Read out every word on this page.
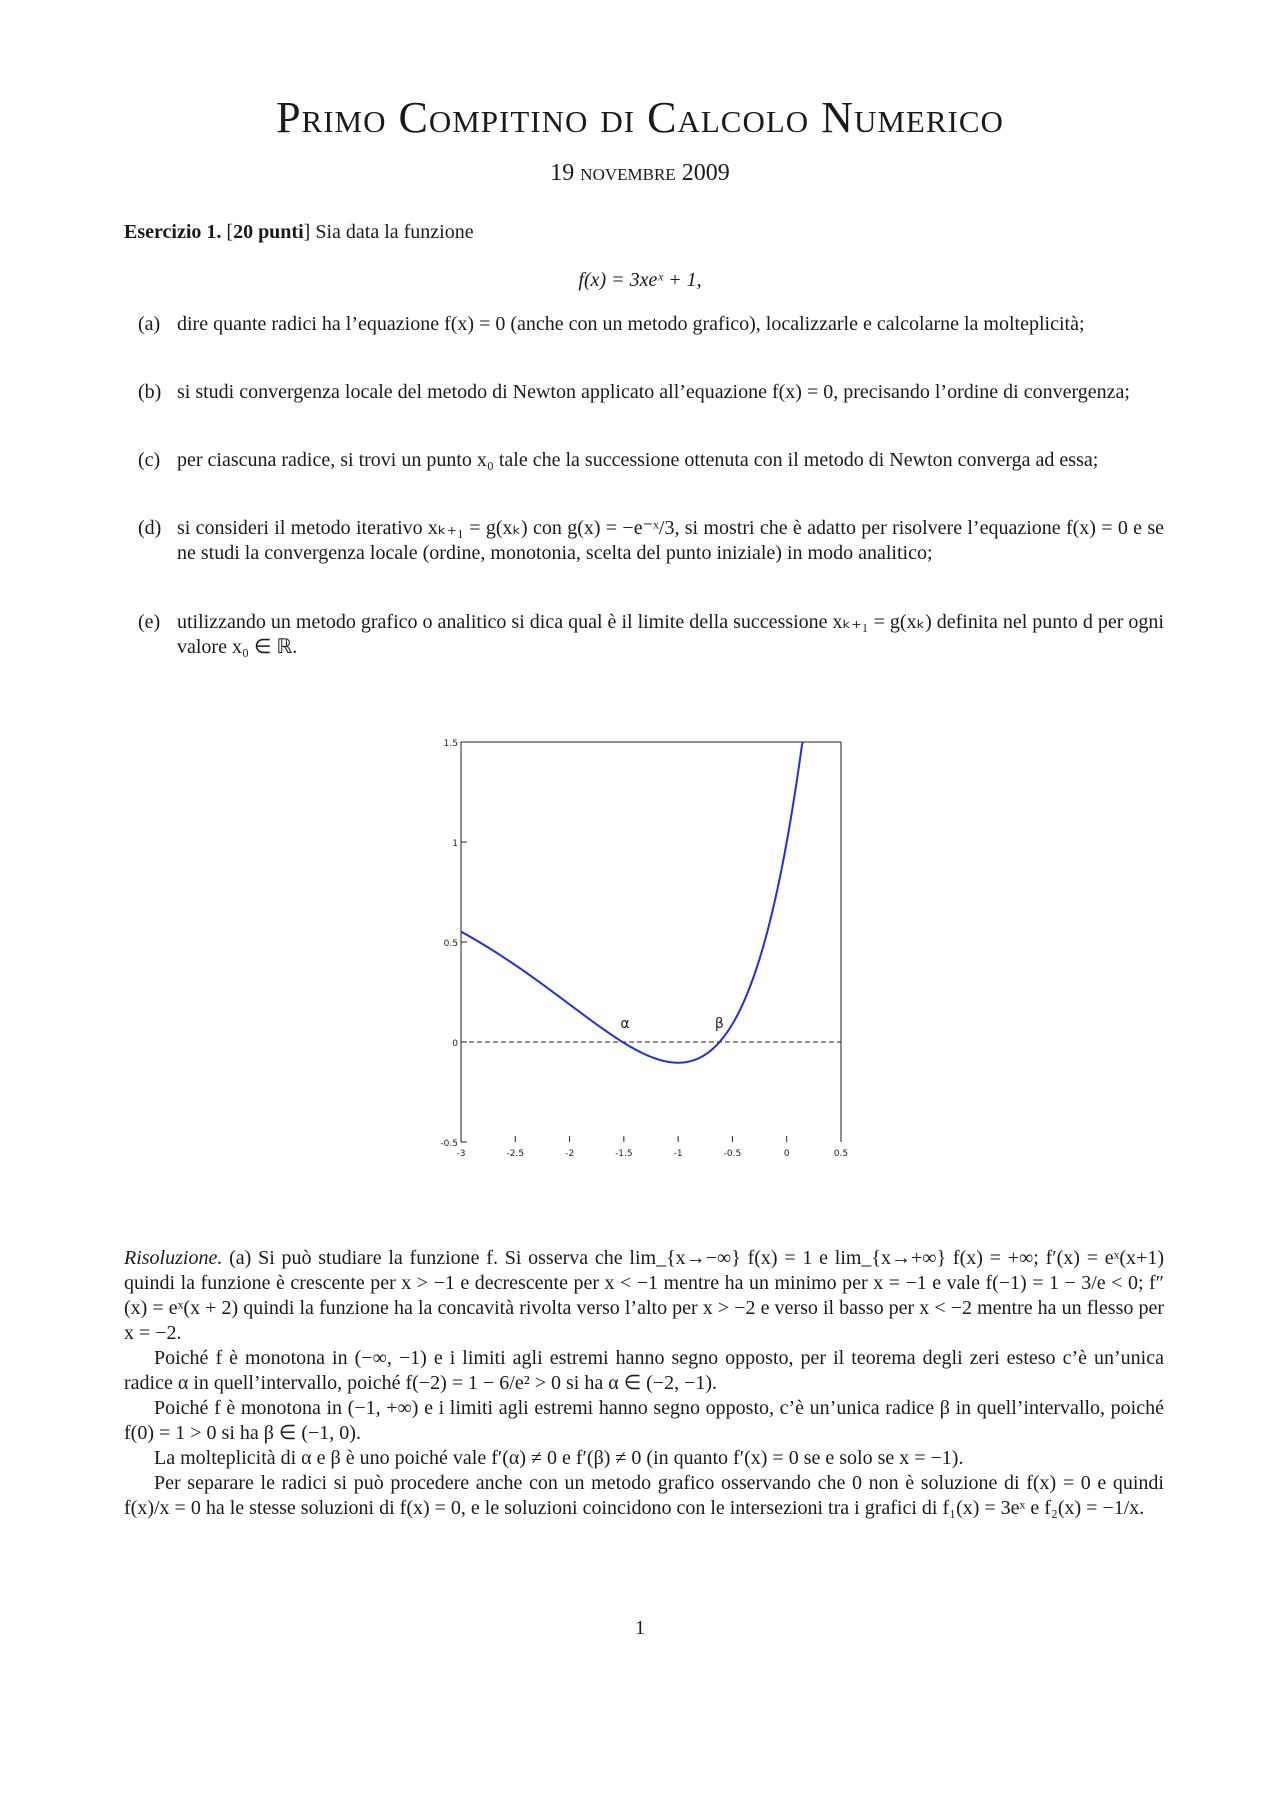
Primo Compitino di Calcolo Numerico
19 novembre 2009
Esercizio 1. [20 punti] Sia data la funzione
f(x) = 3xeˣ + 1,
(a) dire quante radici ha l’equazione f(x) = 0 (anche con un metodo grafico), localizzarle e calcolarne la molteplicità;
(b) si studi convergenza locale del metodo di Newton applicato all’equazione f(x) = 0, precisando l’ordine di convergenza;
(c) per ciascuna radice, si trovi un punto x₀ tale che la successione ottenuta con il metodo di Newton converga ad essa;
(d) si consideri il metodo iterativo xₖ₊₁ = g(xₖ) con g(x) = −e⁻ˣ/3, si mostri che è adatto per risolvere l’equazione f(x) = 0 e se ne studi la convergenza locale (ordine, monotonia, scelta del punto iniziale) in modo analitico;
(e) utilizzando un metodo grafico o analitico si dica qual è il limite della successione xₖ₊₁ = g(xₖ) definita nel punto d per ogni valore x₀ ∈ ℝ.
-0.5
0
0.5
1
1.5
-3	-2.5	-2	-1.5	-1	-0.5	0	0.5
α	β

Risoluzione. (a) Si può studiare la funzione f. Si osserva che lim_{x→−∞} f(x) = 1 e lim_{x→+∞} f(x) = +∞; f′(x) = eˣ(x+1) quindi la funzione è crescente per x > −1 e decrescente per x < −1 mentre ha un minimo per x = −1 e vale f(−1) = 1 − 3/e < 0; f″(x) = eˣ(x + 2) quindi la funzione ha la concavità rivolta verso l’alto per x > −2 e verso il basso per x < −2 mentre ha un flesso per x = −2.

Poiché f è monotona in (−∞, −1) e i limiti agli estremi hanno segno opposto, per il teorema degli zeri esteso c’è un’unica radice α in quell’intervallo, poiché f(−2) = 1 − 6/e² > 0 si ha α ∈ (−2, −1).

Poiché f è monotona in (−1, +∞) e i limiti agli estremi hanno segno opposto, c’è un’unica radice β in quell’intervallo, poiché f(0) = 1 > 0 si ha β ∈ (−1, 0).

La molteplicità di α e β è uno poiché vale f′(α) ≠ 0 e f′(β) ≠ 0 (in quanto f′(x) = 0 se e solo se x = −1).

Per separare le radici si può procedere anche con un metodo grafico osservando che 0 non è soluzione di f(x) = 0 e quindi f(x)/x = 0 ha le stesse soluzioni di f(x) = 0, e le soluzioni coincidono con le intersezioni tra i grafici di f₁(x) = 3eˣ e f₂(x) = −1/x.

1
